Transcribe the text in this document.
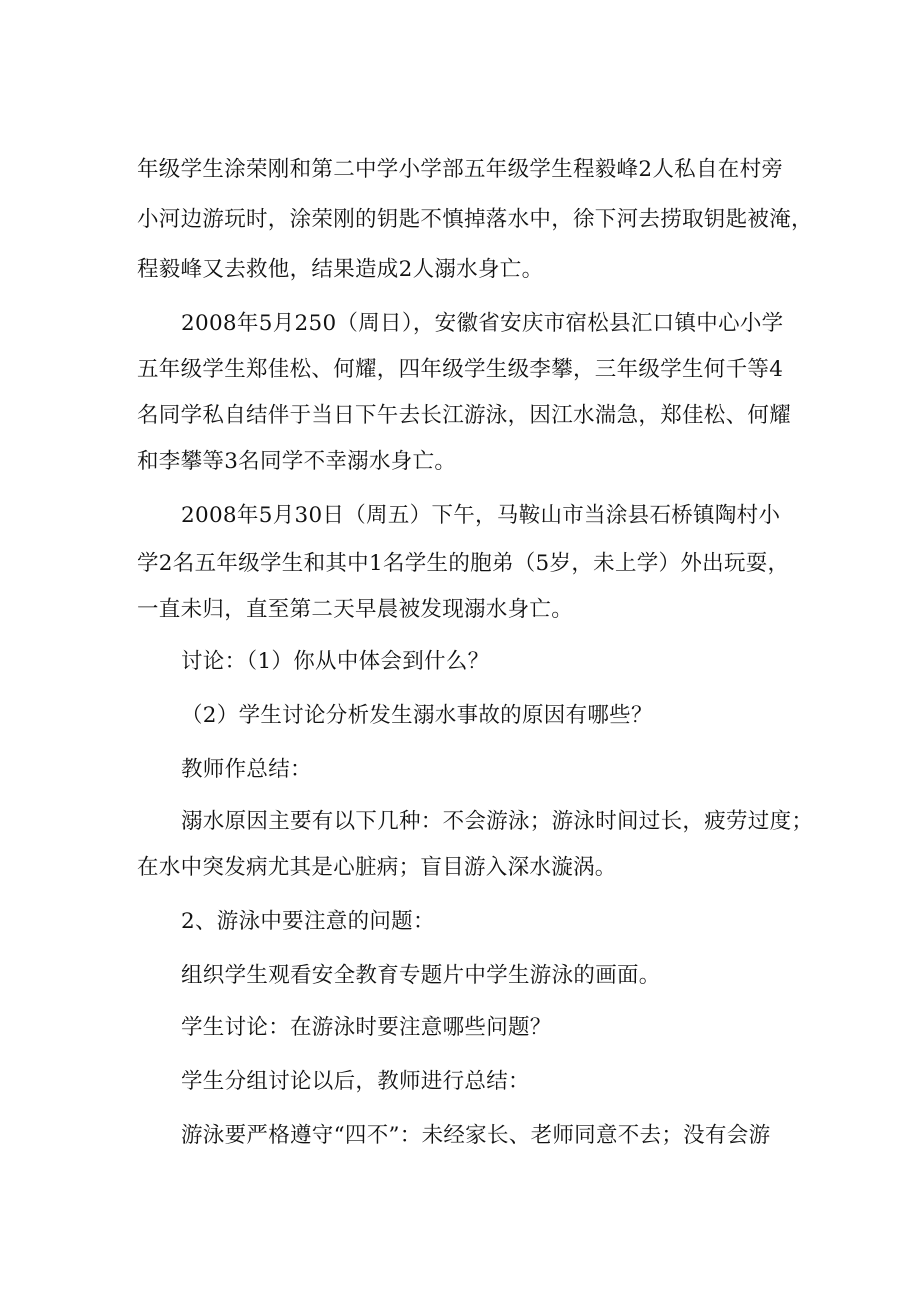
年级学生涂荣刚和第二中学小学部五年级学生程毅峰2人私自在村旁

小河边游玩时，涂荣刚的钥匙不慎掉落水中，徐下河去捞取钥匙被淹，

程毅峰又去救他，结果造成2人溺水身亡。

2008年5月250（周日），安徽省安庆市宿松县汇口镇中心小学

五年级学生郑佳松、何耀，四年级学生级李攀，三年级学生何千等4

名同学私自结伴于当日下午去长江游泳，因江水湍急，郑佳松、何耀

和李攀等3名同学不幸溺水身亡。

2008年5月30日（周五）下午，马鞍山市当涂县石桥镇陶村小

学2名五年级学生和其中1名学生的胞弟（5岁，未上学）外出玩耍，

一直未归，直至第二天早晨被发现溺水身亡。

讨论：（1）你从中体会到什么？

（2）学生讨论分析发生溺水事故的原因有哪些？

教师作总结：

溺水原因主要有以下几种：不会游泳；游泳时间过长，疲劳过度；

在水中突发病尤其是心脏病；盲目游入深水漩涡。

2、游泳中要注意的问题：

组织学生观看安全教育专题片中学生游泳的画面。

学生讨论：在游泳时要注意哪些问题？

学生分组讨论以后，教师进行总结：

游泳要严格遵守“四不”：未经家长、老师同意不去；没有会游
